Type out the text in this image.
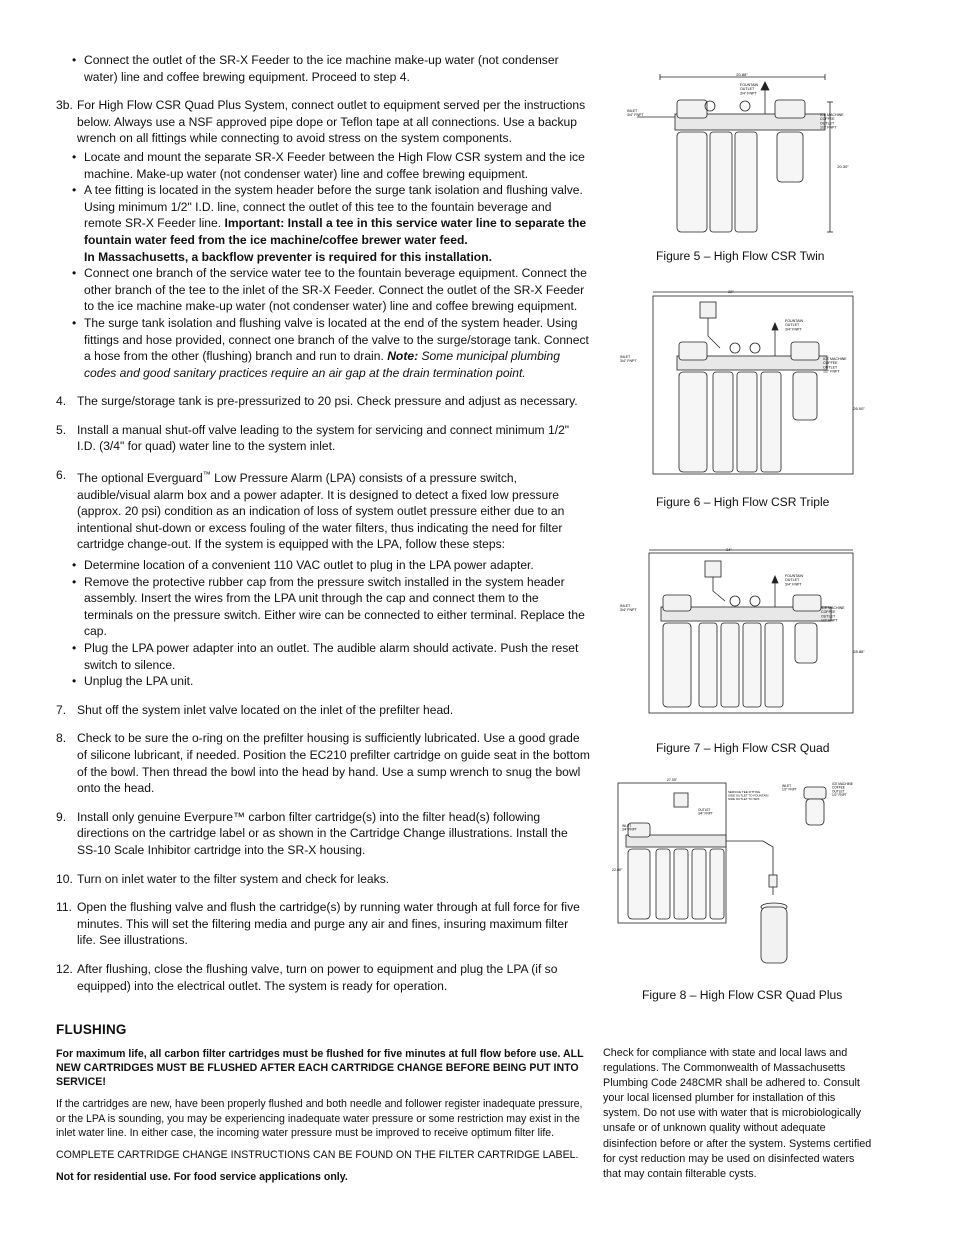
• Connect the outlet of the SR-X Feeder to the ice machine make-up water (not condenser water) line and coffee brewing equipment. Proceed to step 4.

3b. For High Flow CSR Quad Plus System, connect outlet to equipment served per the instructions below. Always use a NSF approved pipe dope or Teflon tape at all connections. Use a backup wrench on all fittings while connecting to avoid stress on the system components.

• Locate and mount the separate SR-X Feeder between the High Flow CSR system and the ice machine. Make-up water (not condenser water) line and coffee brewing equipment.

• A tee fitting is located in the system header before the surge tank isolation and flushing valve. Using minimum 1/2" I.D. line, connect the outlet of this tee to the fountain beverage and remote SR-X Feeder line. Important: Install a tee in this service water line to separate the fountain water feed from the ice machine/coffee brewer water feed.
In Massachusetts, a backflow preventer is required for this installation.

• Connect one branch of the service water tee to the fountain beverage equipment. Connect the other branch of the tee to the inlet of the SR-X Feeder. Connect the outlet of the SR-X Feeder to the ice machine make-up water (not condenser water) line and coffee brewing equipment.

• The surge tank isolation and flushing valve is located at the end of the system header. Using fittings and hose provided, connect one branch of the valve to the surge/storage tank. Connect a hose from the other (flushing) branch and run to drain. Note: Some municipal plumbing codes and good sanitary practices require an air gap at the drain termination point.

4. The surge/storage tank is pre-pressurized to 20 psi. Check pressure and adjust as necessary.
5. Install a manual shut-off valve leading to the system for servicing and connect minimum 1/2" I.D. (3/4" for quad) water line to the system inlet.
6. The optional Everguard™ Low Pressure Alarm (LPA) consists of a pressure switch, audible/visual alarm box and a power adapter. It is designed to detect a fixed low pressure (approx. 20 psi) condition as an indication of loss of system outlet pressure either due to an intentional shut-down or excess fouling of the water filters, thus indicating the need for filter cartridge change-out. If the system is equipped with the LPA, follow these steps:

• Determine location of a convenient 110 VAC outlet to plug in the LPA power adapter.

• Remove the protective rubber cap from the pressure switch installed in the system header assembly. Insert the wires from the LPA unit through the cap and connect them to the terminals on the pressure switch. Either wire can be connected to either terminal. Replace the cap.

• Plug the LPA power adapter into an outlet. The audible alarm should activate. Push the reset switch to silence.

• Unplug the LPA unit.

7. Shut off the system inlet valve located on the inlet of the prefilter head.
8. Check to be sure the o-ring on the prefilter housing is sufficiently lubricated. Use a good grade of silicone lubricant, if needed. Position the EC210 prefilter cartridge on guide seat in the bottom of the bowl. Then thread the bowl into the head by hand. Use a sump wrench to snug the bowl onto the head.
9. Install only genuine Everpure™ carbon filter cartridge(s) into the filter head(s) following directions on the cartridge label or as shown in the Cartridge Change illustrations. Install the SS-10 Scale Inhibitor cartridge into the SR-X housing.
10. Turn on inlet water to the filter system and check for leaks.
11. Open the flushing valve and flush the cartridge(s) by running water through at full force for five minutes. This will set the filtering media and purge any air and fines, insuring maximum filter life. See illustrations.
12. After flushing, close the flushing valve, turn on power to equipment and plug the LPA (if so equipped) into the electrical outlet. The system is ready for operation.
FLUSHING

For maximum life, all carbon filter cartridges must be flushed for five minutes at full flow before use. ALL NEW CARTRIDGES MUST BE FLUSHED AFTER EACH CARTRIDGE CHANGE BEFORE BEING PUT INTO SERVICE!

If the cartridges are new, have been properly flushed and both needle and follower register inadequate pressure, or the LPA is sounding, you may be experiencing inadequate water pressure or some restriction may exist in the inlet water line. In either case, the incoming water pressure must be improved to receive optimum filter life.

COMPLETE CARTRIDGE CHANGE INSTRUCTIONS CAN BE FOUND ON THE FILTER CARTRIDGE LABEL.

Not for residential use. For food service applications only.

20.88"
20.30"
INLET 3/4" FNPT
FOUNTAIN OUTLET 3/4" FNPT
ICE MACHINE COFFEE OUTLET 1/2" FNPT
Figure 5 – High Flow CSR Twin
22"
26.00"
INLET 3/4" FNPT
FOUNTAIN OUTLET 3/4" FNPT
ICE MACHINE COFFEE OUTLET 1/2" FNPT
Figure 6 – High Flow CSR Triple
24"
28.88"
INLET 3/4" FNPT
FOUNTAIN OUTLET 3/4" FNPT
ICE MACHINE COFFEE OUTLET 1/2" FNPT
Figure 7 – High Flow CSR Quad
27.00"
22.00"
INLET 3/4" FNPT
OUTLET 3/4" FNPT
SERVICE TEE FITTING SIDE OUTLET TO FOUNTAIN SIDE OUTLET TO SRX
INLET 1/2" FNPT
ICE MACHINE COFFEE OUTLET 1/2" FNPT
Figure 8 – High Flow CSR Quad Plus
Check for compliance with state and local laws and regulations. The Commonwealth of Massachusetts Plumbing Code 248CMR shall be adhered to. Consult your local licensed plumber for installation of this system. Do not use with water that is microbiologically unsafe or of unknown quality without adequate disinfection before or after the system. Systems certified for cyst reduction may be used on disinfected waters that may contain filterable cysts.
